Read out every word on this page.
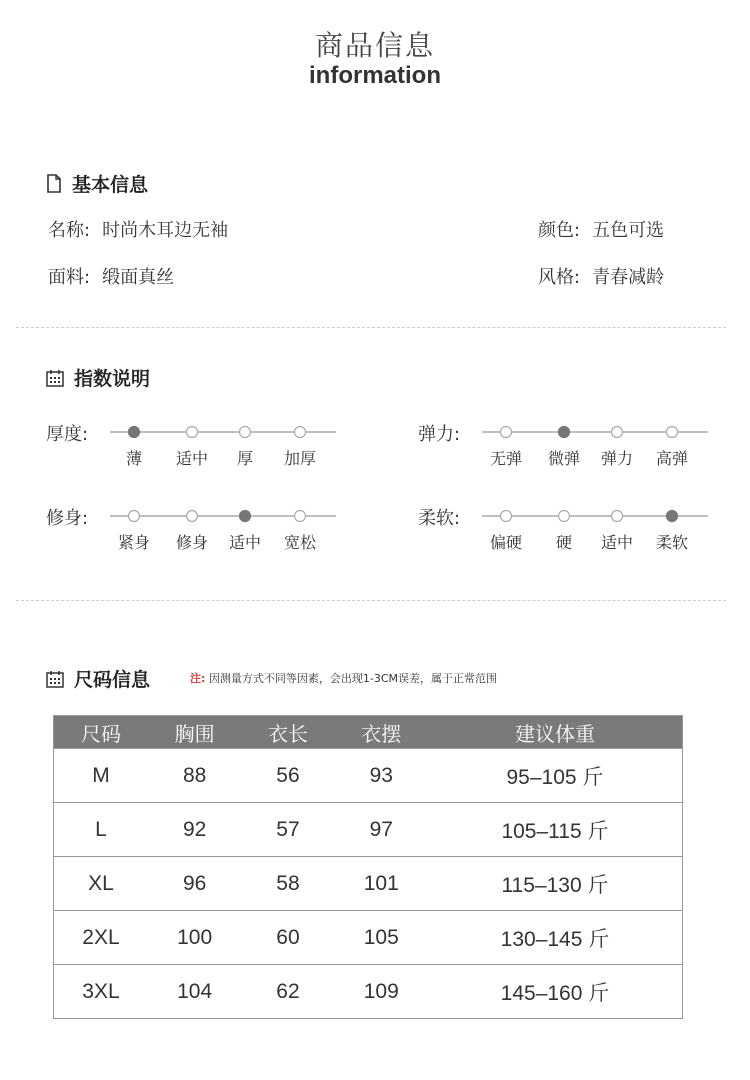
商品信息
information
基本信息
名称: 时尚木耳边无袖	颜色: 五色可选
面料: 缎面真丝	风格: 青春减龄
指数说明
厚度:
薄 适中 厚 加厚
弹力:
无弹 微弹 弹力 高弹
修身:
紧身 修身 适中 宽松
柔软:
偏硬 硬 适中 柔软
尺码信息	注: 因测量方式不同等因素，会出现1-3CM误差，属于正常范围
尺码	胸围	衣长	衣摆	建议体重
M	88	56	93	95–105 斤
L	92	57	97	105–115 斤
XL	96	58	101	115–130 斤
2XL	100	60	105	130–145 斤
3XL	104	62	109	145–160 斤
